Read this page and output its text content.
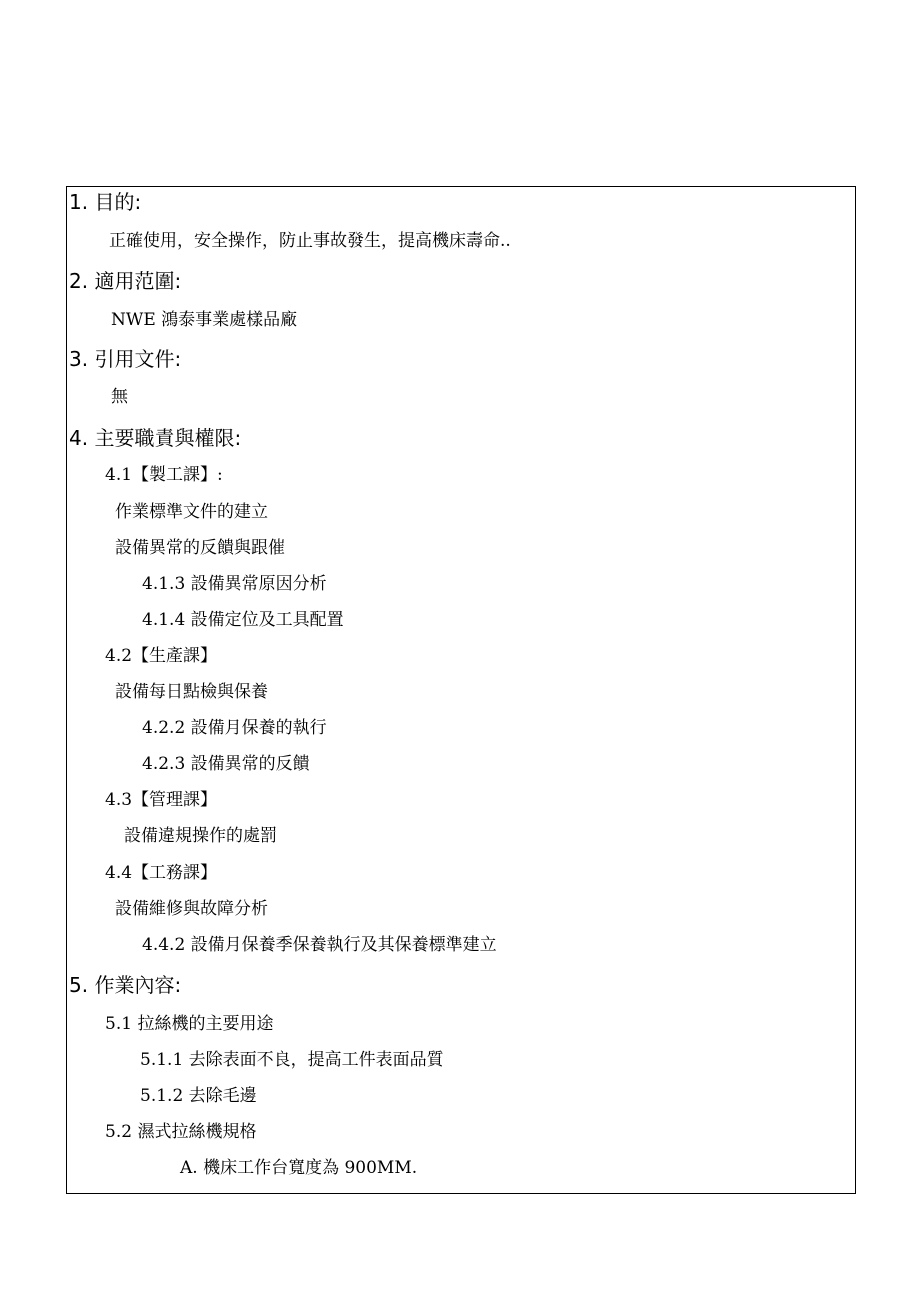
1. 目的:
正確使用，安全操作，防止事故發生，提高機床壽命..
2. 適用范圍:
NWE 鴻泰事業處樣品廠
3. 引用文件:
無
4. 主要職責與權限:
4.1【製工課】:
作業標準文件的建立
設備異常的反饋與跟催
4.1.3 設備異常原因分析
4.1.4 設備定位及工具配置
4.2【生產課】
設備每日點檢與保養
4.2.2 設備月保養的執行
4.2.3 設備異常的反饋
4.3【管理課】
設備違規操作的處罰
4.4【工務課】
設備維修與故障分析
4.4.2 設備月保養季保養執行及其保養標準建立
5. 作業內容:
5.1 拉絲機的主要用途
5.1.1 去除表面不良，提高工件表面品質
5.1.2 去除毛邊
5.2 濕式拉絲機規格
A. 機床工作台寬度為 900MM.
